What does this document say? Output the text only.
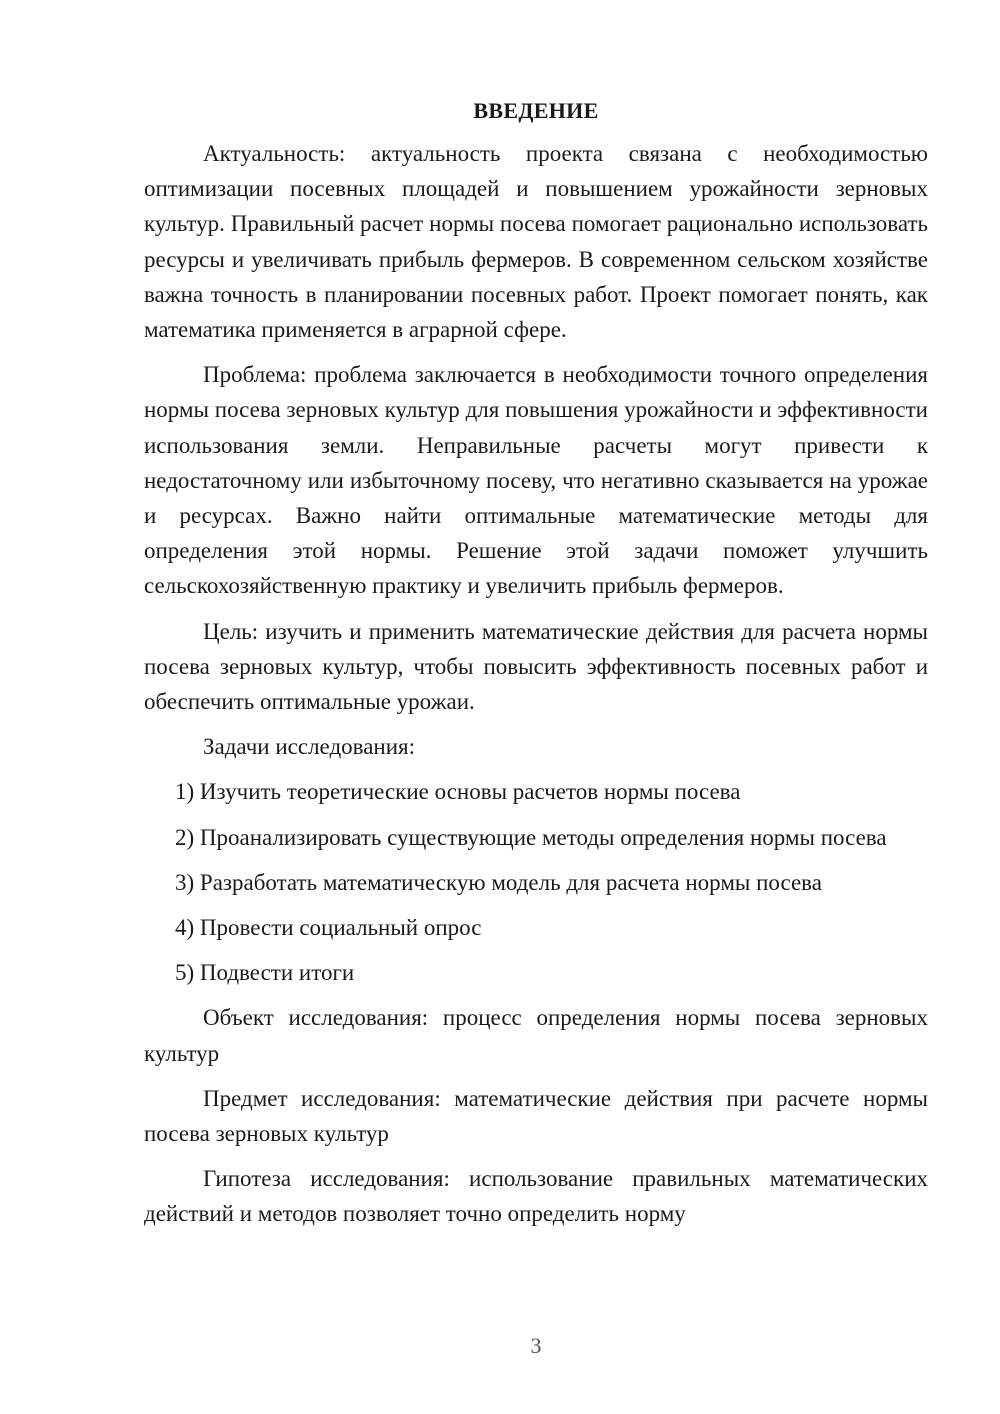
ВВЕДЕНИЕ

Актуальность: актуальность проекта связана с необходимостью оптимизации посевных площадей и повышением урожайности зерновых культур. Правильный расчет нормы посева помогает рационально использовать ресурсы и увеличивать прибыль фермеров. В современном сельском хозяйстве важна точность в планировании посевных работ. Проект помогает понять, как математика применяется в аграрной сфере.

Проблема: проблема заключается в необходимости точного определения нормы посева зерновых культур для повышения урожайности и эффективности использования земли. Неправильные расчеты могут привести к недостаточному или избыточному посеву, что негативно сказывается на урожае и ресурсах. Важно найти оптимальные математические методы для определения этой нормы. Решение этой задачи поможет улучшить сельскохозяйственную практику и увеличить прибыль фермеров.

Цель: изучить и применить математические действия для расчета нормы посева зерновых культур, чтобы повысить эффективность посевных работ и обеспечить оптимальные урожаи.

Задачи исследования:

1) Изучить теоретические основы расчетов нормы посева

2) Проанализировать существующие методы определения нормы посева

3) Разработать математическую модель для расчета нормы посева

4) Провести социальный опрос

5) Подвести итоги

Объект исследования: процесс определения нормы посева зерновых культур

Предмет исследования: математические действия при расчете нормы посева зерновых культур

Гипотеза исследования: использование правильных математических действий и методов позволяет точно определить норму

3
